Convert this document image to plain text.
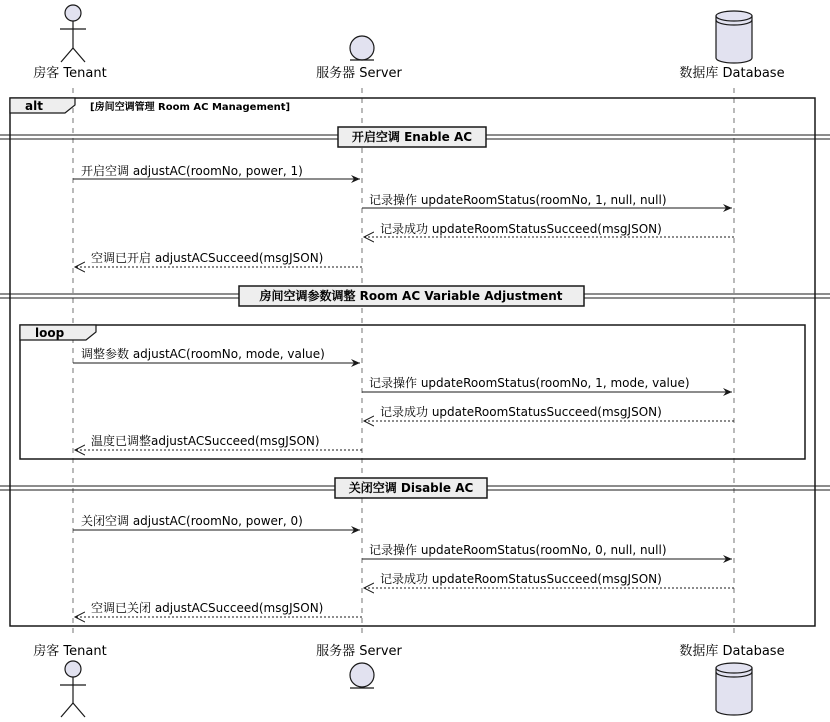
房客 Tenant	服务器 Server	数据库 Database
房客 Tenant	服务器 Server	数据库 Database
alt	[房间空调管理 Room AC Management]
开启空调 Enable AC
开启空调 adjustAC(roomNo, power, 1)
记录操作 updateRoomStatus(roomNo, 1, null, null)
记录成功 updateRoomStatusSucceed(msgJSON)
空调已开启 adjustACSucceed(msgJSON)
房间空调参数调整 Room AC Variable Adjustment
loop
调整参数 adjustAC(roomNo, mode, value)
记录操作 updateRoomStatus(roomNo, 1, mode, value)
记录成功 updateRoomStatusSucceed(msgJSON)
温度已调整adjustACSucceed(msgJSON)
关闭空调 Disable AC
关闭空调 adjustAC(roomNo, power, 0)
记录操作 updateRoomStatus(roomNo, 0, null, null)
记录成功 updateRoomStatusSucceed(msgJSON)
空调已关闭 adjustACSucceed(msgJSON)
